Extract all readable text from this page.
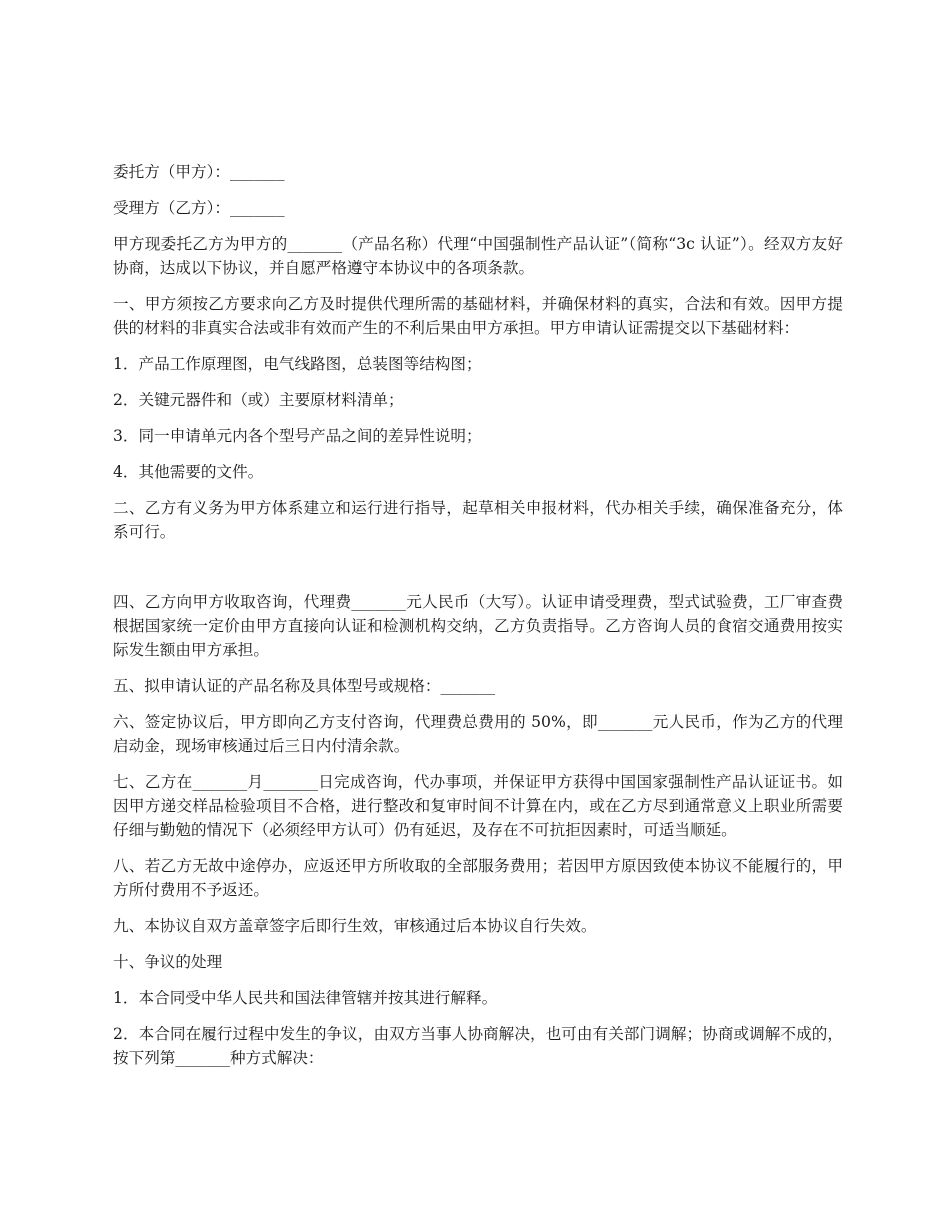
委托方（甲方）：_______

受理方（乙方）：_______

甲方现委托乙方为甲方的_______（产品名称）代理“中国强制性产品认证”（简称“3c 认证”）。经双方友好协商，达成以下协议，并自愿严格遵守本协议中的各项条款。

一、甲方须按乙方要求向乙方及时提供代理所需的基础材料，并确保材料的真实，合法和有效。因甲方提供的材料的非真实合法或非有效而产生的不利后果由甲方承担。甲方申请认证需提交以下基础材料：

1．产品工作原理图，电气线路图，总装图等结构图；

2．关键元器件和（或）主要原材料清单；

3．同一申请单元内各个型号产品之间的差异性说明；

4．其他需要的文件。

二、乙方有义务为甲方体系建立和运行进行指导，起草相关申报材料，代办相关手续，确保准备充分，体系可行。

四、乙方向甲方收取咨询，代理费_______元人民币（大写）。认证申请受理费，型式试验费，工厂审查费根据国家统一定价由甲方直接向认证和检测机构交纳，乙方负责指导。乙方咨询人员的食宿交通费用按实际发生额由甲方承担。

五、拟申请认证的产品名称及具体型号或规格：_______

六、签定协议后，甲方即向乙方支付咨询，代理费总费用的 50%，即_______元人民币，作为乙方的代理启动金，现场审核通过后三日内付清余款。

七、乙方在_______月_______日完成咨询，代办事项，并保证甲方获得中国国家强制性产品认证证书。如因甲方递交样品检验项目不合格，进行整改和复审时间不计算在内，或在乙方尽到通常意义上职业所需要仔细与勤勉的情况下（必须经甲方认可）仍有延迟，及存在不可抗拒因素时，可适当顺延。

八、若乙方无故中途停办，应返还甲方所收取的全部服务费用；若因甲方原因致使本协议不能履行的，甲方所付费用不予返还。

九、本协议自双方盖章签字后即行生效，审核通过后本协议自行失效。

十、争议的处理

1．本合同受中华人民共和国法律管辖并按其进行解释。

2．本合同在履行过程中发生的争议，由双方当事人协商解决，也可由有关部门调解；协商或调解不成的，按下列第_______种方式解决：
